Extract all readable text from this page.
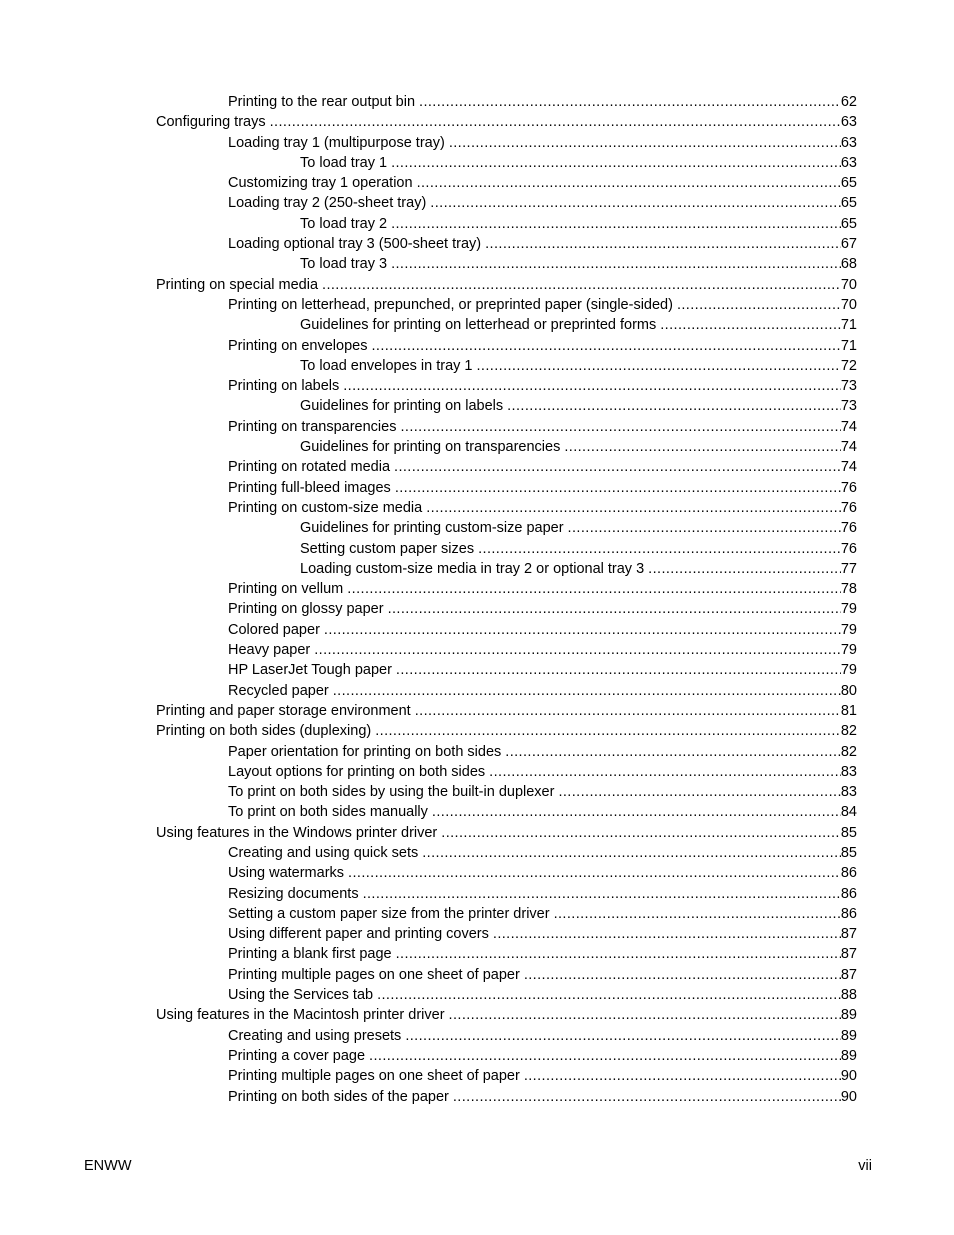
Printing to the rear output bin .....	62
Configuring trays .....	63
Loading tray 1 (multipurpose tray) .....	63
To load tray 1 .....	63
Customizing tray 1 operation .....	65
Loading tray 2 (250-sheet tray) .....	65
To load tray 2 .....	65
Loading optional tray 3 (500-sheet tray) .....	67
To load tray 3 .....	68
Printing on special media .....	70
Printing on letterhead, prepunched, or preprinted paper (single-sided) .....	70
Guidelines for printing on letterhead or preprinted forms .....	71
Printing on envelopes .....	71
To load envelopes in tray 1 .....	72
Printing on labels .....	73
Guidelines for printing on labels .....	73
Printing on transparencies .....	74
Guidelines for printing on transparencies .....	74
Printing on rotated media .....	74
Printing full-bleed images .....	76
Printing on custom-size media .....	76
Guidelines for printing custom-size paper .....	76
Setting custom paper sizes .....	76
Loading custom-size media in tray 2 or optional tray 3 .....	77
Printing on vellum .....	78
Printing on glossy paper .....	79
Colored paper .....	79
Heavy paper .....	79
HP LaserJet Tough paper .....	79
Recycled paper .....	80
Printing and paper storage environment .....	81
Printing on both sides (duplexing) .....	82
Paper orientation for printing on both sides .....	82
Layout options for printing on both sides .....	83
To print on both sides by using the built-in duplexer .....	83
To print on both sides manually .....	84
Using features in the Windows printer driver .....	85
Creating and using quick sets .....	85
Using watermarks .....	86
Resizing documents .....	86
Setting a custom paper size from the printer driver .....	86
Using different paper and printing covers .....	87
Printing a blank first page .....	87
Printing multiple pages on one sheet of paper .....	87
Using the Services tab .....	88
Using features in the Macintosh printer driver .....	89
Creating and using presets .....	89
Printing a cover page .....	89
Printing multiple pages on one sheet of paper .....	90
Printing on both sides of the paper .....	90
ENWW	vii
